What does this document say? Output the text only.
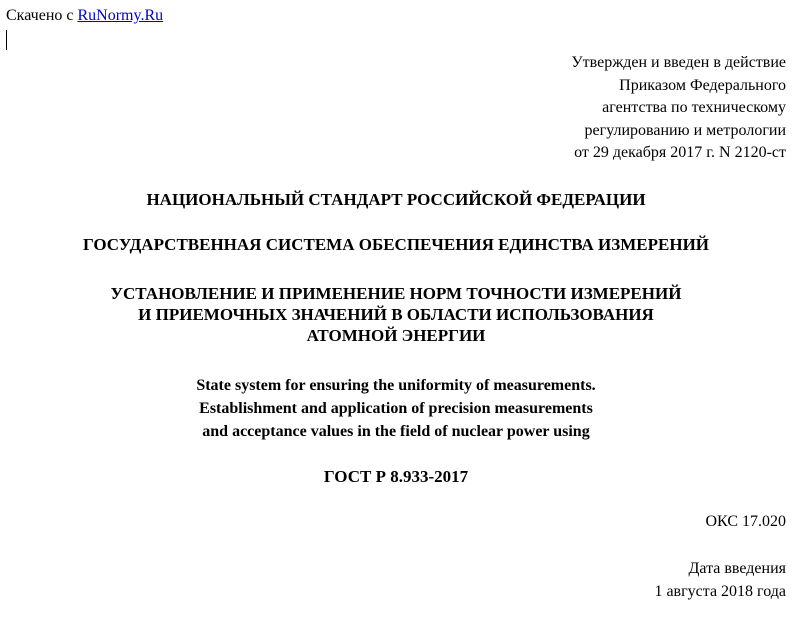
Скачено с RuNormy.Ru
Утвержден и введен в действие
Приказом Федерального
агентства по техническому
регулированию и метрологии
от 29 декабря 2017 г. N 2120-ст
НАЦИОНАЛЬНЫЙ СТАНДАРТ РОССИЙСКОЙ ФЕДЕРАЦИИ
ГОСУДАРСТВЕННАЯ СИСТЕМА ОБЕСПЕЧЕНИЯ ЕДИНСТВА ИЗМЕРЕНИЙ
УСТАНОВЛЕНИЕ И ПРИМЕНЕНИЕ НОРМ ТОЧНОСТИ ИЗМЕРЕНИЙ
И ПРИЕМОЧНЫХ ЗНАЧЕНИЙ В ОБЛАСТИ ИСПОЛЬЗОВАНИЯ
АТОМНОЙ ЭНЕРГИИ
State system for ensuring the uniformity of measurements.
Establishment and application of precision measurements
and acceptance values in the field of nuclear power using
ГОСТ Р 8.933-2017
ОКС 17.020
Дата введения
1 августа 2018 года
